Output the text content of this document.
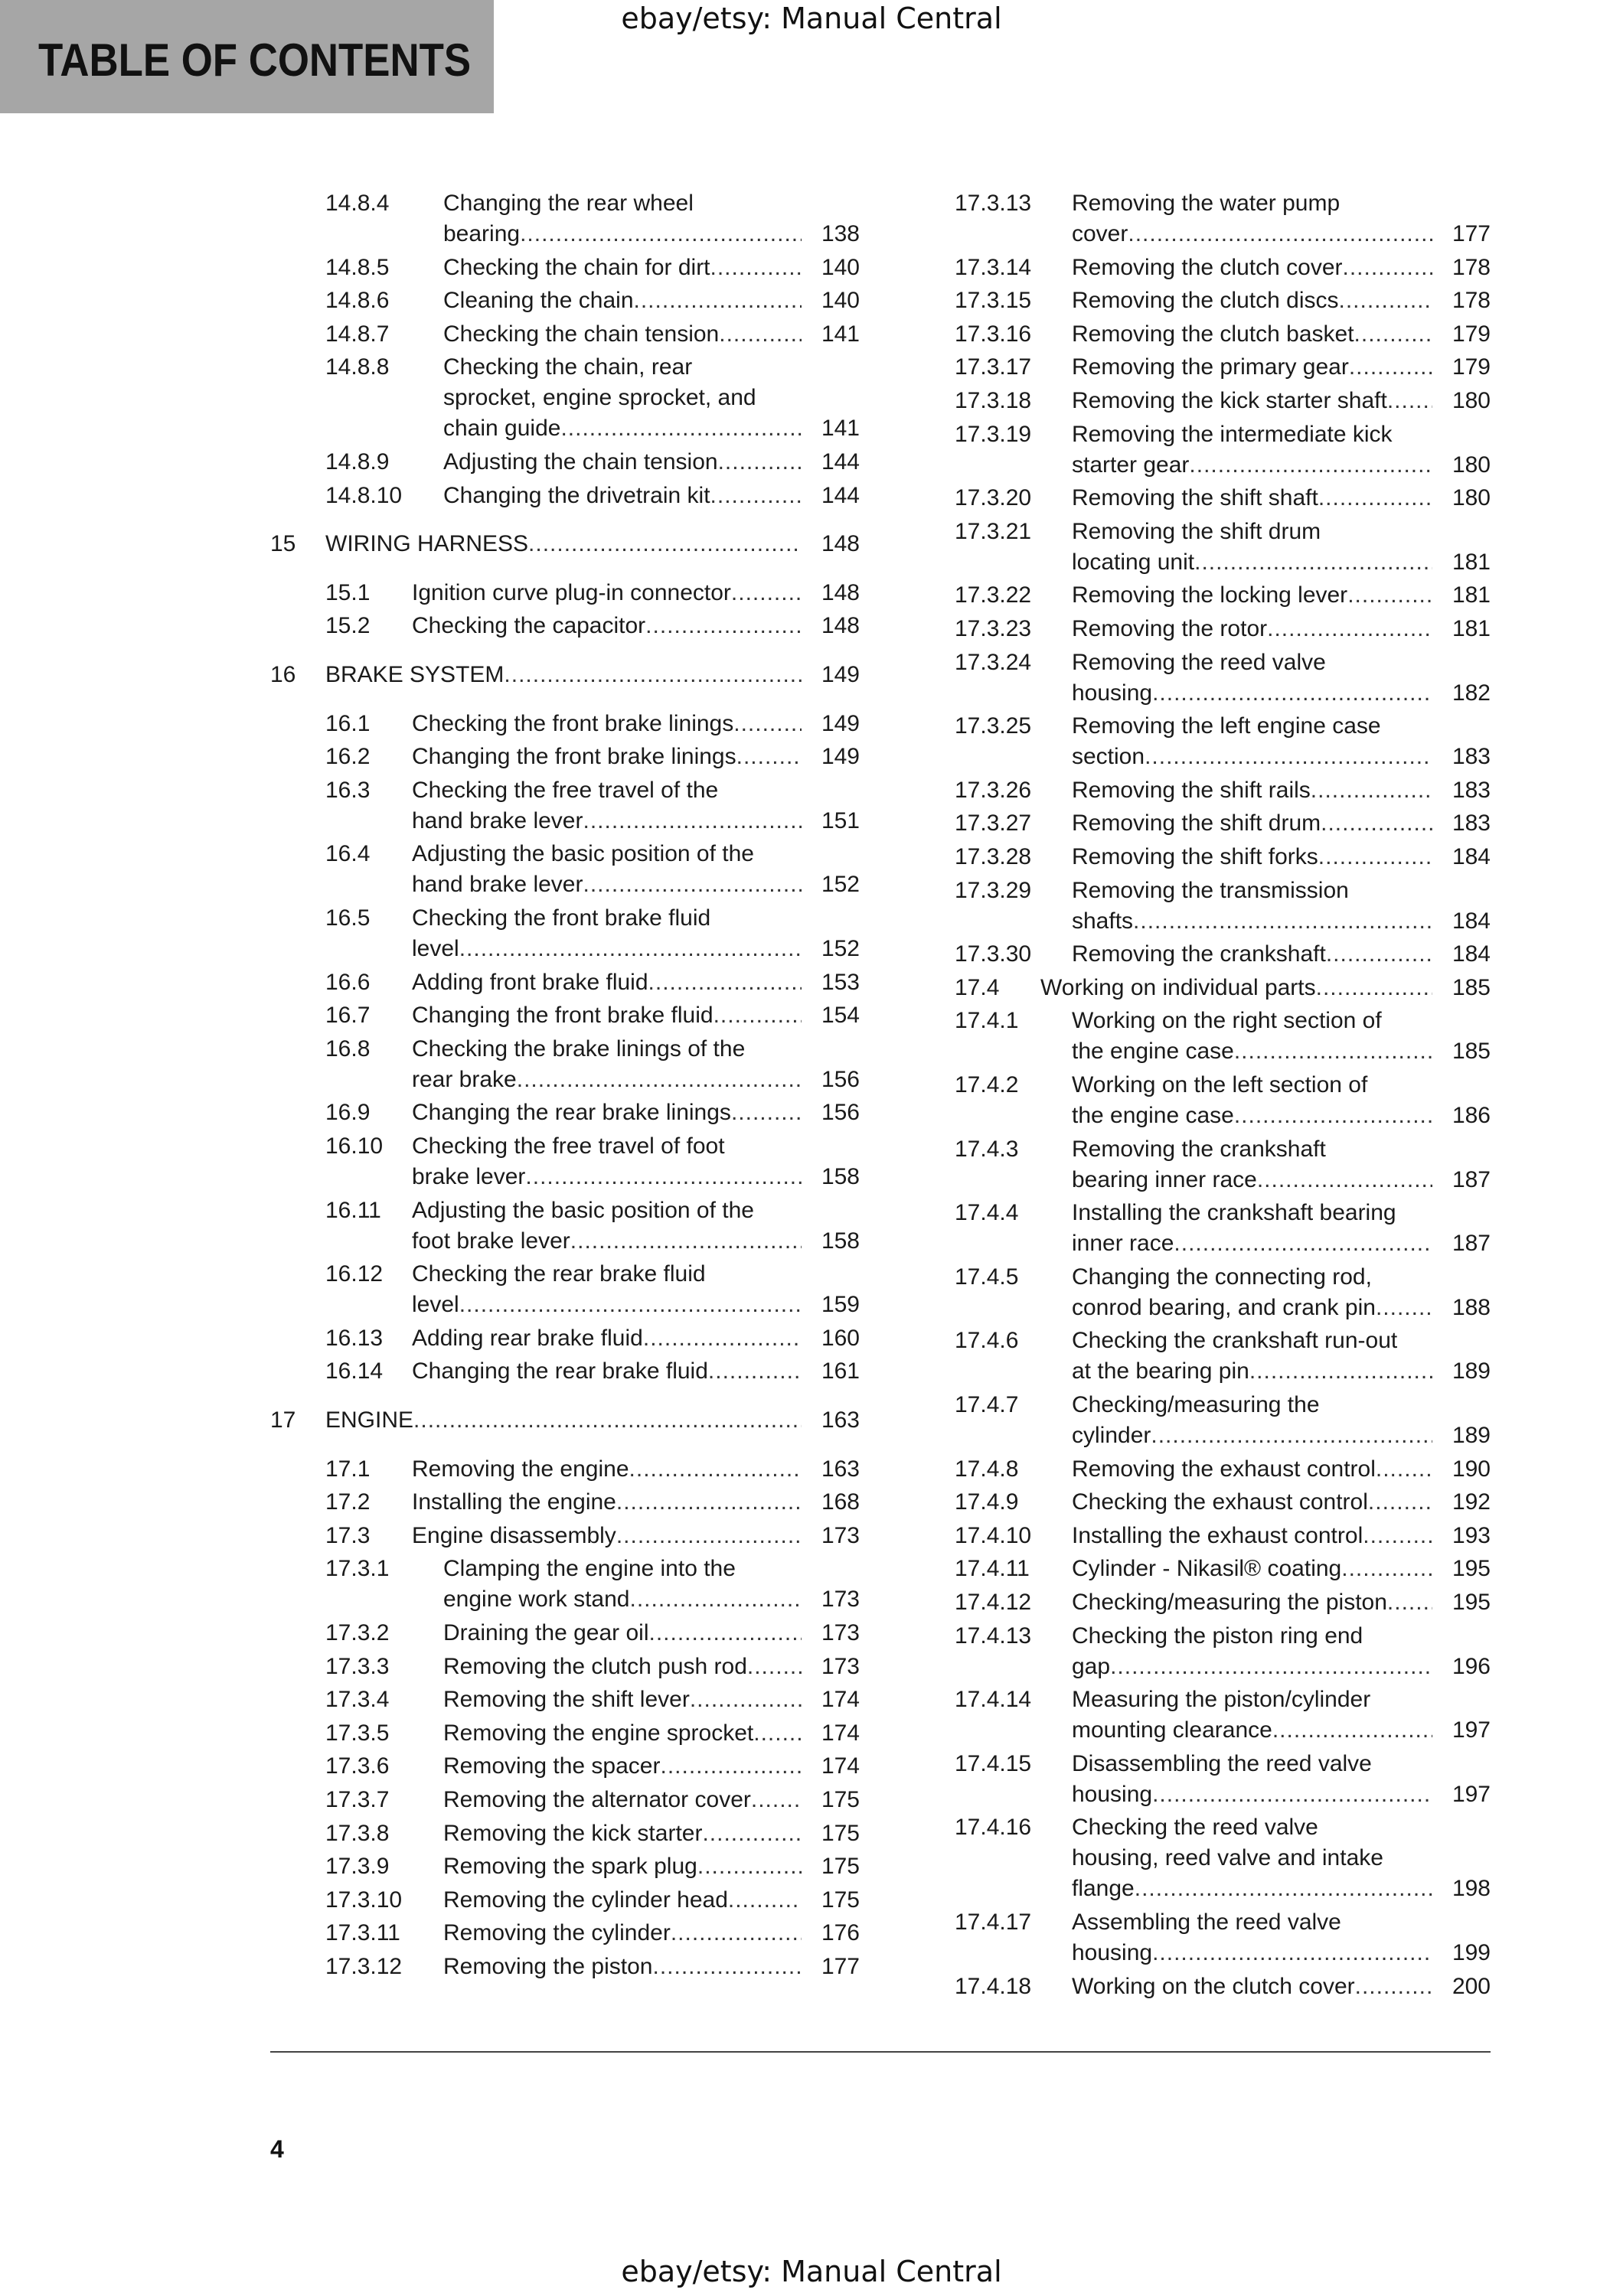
ebay/etsy: Manual Central
TABLE OF CONTENTS
14.8.4 Changing the rear wheel
bearing .....	138
14.8.5 Checking the chain for dirt .....	140
14.8.6 Cleaning the chain .....	140
14.8.7 Checking the chain tension .....	141
14.8.8 Checking the chain, rear
sprocket, engine sprocket, and
chain guide .....	141
14.8.9 Adjusting the chain tension .....	144
14.8.10 Changing the drivetrain kit .....	144
15 WIRING HARNESS .....	148
15.1 Ignition curve plug-in connector .....	148
15.2 Checking the capacitor .....	148
16 BRAKE SYSTEM .....	149
16.1 Checking the front brake linings .....	149
16.2 Changing the front brake linings .....	149
16.3 Checking the free travel of the
hand brake lever .....	151
16.4 Adjusting the basic position of the
hand brake lever .....	152
16.5 Checking the front brake fluid
level .....	152
16.6 Adding front brake fluid .....	153
16.7 Changing the front brake fluid .....	154
16.8 Checking the brake linings of the
rear brake .....	156
16.9 Changing the rear brake linings .....	156
16.10 Checking the free travel of foot
brake lever .....	158
16.11 Adjusting the basic position of the
foot brake lever .....	158
16.12 Checking the rear brake fluid
level .....	159
16.13 Adding rear brake fluid .....	160
16.14 Changing the rear brake fluid .....	161
17 ENGINE .....	163
17.1 Removing the engine .....	163
17.2 Installing the engine .....	168
17.3 Engine disassembly .....	173
17.3.1 Clamping the engine into the
engine work stand .....	173
17.3.2 Draining the gear oil .....	173
17.3.3 Removing the clutch push rod .....	173
17.3.4 Removing the shift lever .....	174
17.3.5 Removing the engine sprocket .....	174
17.3.6 Removing the spacer .....	174
17.3.7 Removing the alternator cover .....	175
17.3.8 Removing the kick starter .....	175
17.3.9 Removing the spark plug .....	175
17.3.10 Removing the cylinder head .....	175
17.3.11 Removing the cylinder .....	176
17.3.12 Removing the piston .....	177
17.3.13 Removing the water pump
cover .....	177
17.3.14 Removing the clutch cover .....	178
17.3.15 Removing the clutch discs .....	178
17.3.16 Removing the clutch basket .....	179
17.3.17 Removing the primary gear .....	179
17.3.18 Removing the kick starter shaft .....	180
17.3.19 Removing the intermediate kick
starter gear .....	180
17.3.20 Removing the shift shaft .....	180
17.3.21 Removing the shift drum
locating unit .....	181
17.3.22 Removing the locking lever .....	181
17.3.23 Removing the rotor .....	181
17.3.24 Removing the reed valve
housing .....	182
17.3.25 Removing the left engine case
section .....	183
17.3.26 Removing the shift rails .....	183
17.3.27 Removing the shift drum .....	183
17.3.28 Removing the shift forks .....	184
17.3.29 Removing the transmission
shafts .....	184
17.3.30 Removing the crankshaft .....	184
17.4 Working on individual parts .....	185
17.4.1 Working on the right section of
the engine case .....	185
17.4.2 Working on the left section of
the engine case .....	186
17.4.3 Removing the crankshaft
bearing inner race .....	187
17.4.4 Installing the crankshaft bearing
inner race .....	187
17.4.5 Changing the connecting rod,
conrod bearing, and crank pin .....	188
17.4.6 Checking the crankshaft run-out
at the bearing pin .....	189
17.4.7 Checking/measuring the
cylinder .....	189
17.4.8 Removing the exhaust control .....	190
17.4.9 Checking the exhaust control .....	192
17.4.10 Installing the exhaust control .....	193
17.4.11 Cylinder - Nikasil® coating .....	195
17.4.12 Checking/measuring the piston .....	195
17.4.13 Checking the piston ring end
gap .....	196
17.4.14 Measuring the piston/cylinder
mounting clearance .....	197
17.4.15 Disassembling the reed valve
housing .....	197
17.4.16 Checking the reed valve
housing, reed valve and intake
flange .....	198
17.4.17 Assembling the reed valve
housing .....	199
17.4.18 Working on the clutch cover .....	200
4
ebay/etsy: Manual Central
